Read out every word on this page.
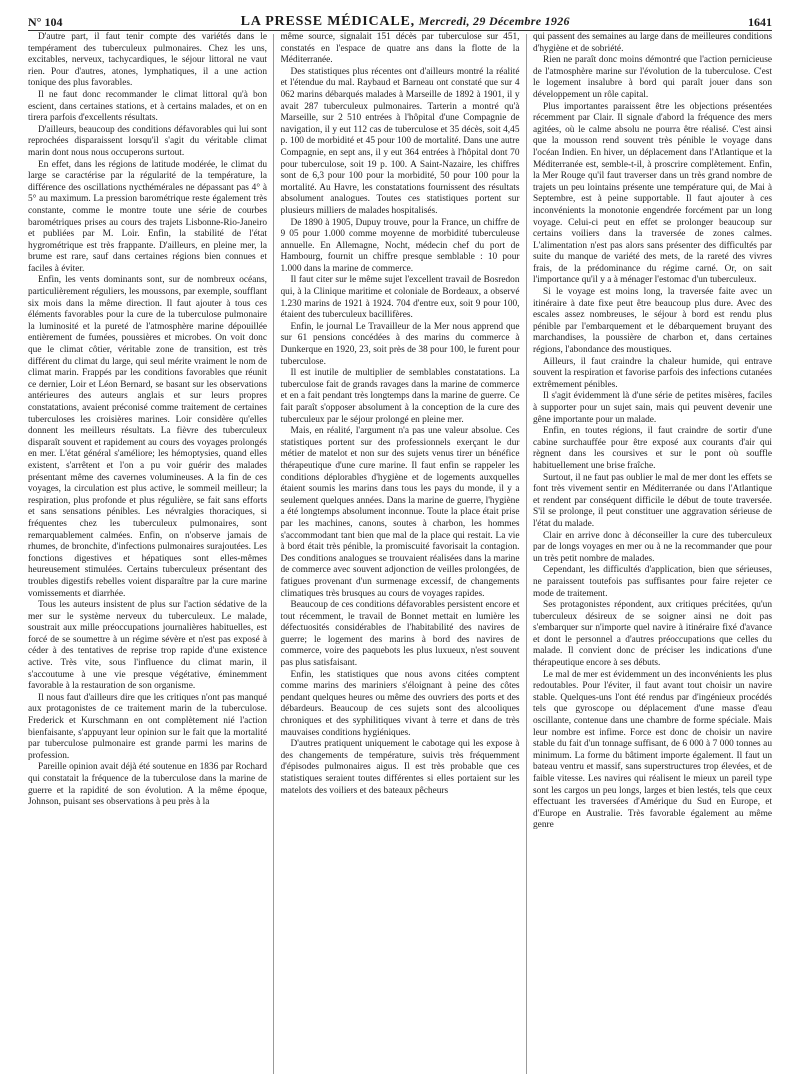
N° 104	LA PRESSE MÉDICALE, Mercredi, 29 Décembre 1926	1641

D'autre part, il faut tenir compte des variétés dans le tempérament des tuberculeux pulmonaires. Chez les uns, excitables, nerveux, tachycardiques, le séjour littoral ne vaut rien. Pour d'autres, atones, lymphatiques, il a une action tonique des plus favorables.

Il ne faut donc recommander le climat littoral qu'à bon escient, dans certaines stations, et à certains malades, et on en tirera parfois d'excellents résultats.

D'ailleurs, beaucoup des conditions défavorables qui lui sont reprochées disparaissent lorsqu'il s'agit du véritable climat marin dont nous nous occuperons surtout.

En effet, dans les régions de latitude modérée, le climat du large se caractérise par la régularité de la température, la différence des oscillations nycthémérales ne dépassant pas 4° à 5° au maximum. La pression barométrique reste également très constante, comme le montre toute une série de courbes barométriques prises au cours des trajets Lisbonne-Rio-Janeiro et publiées par M. Loir. Enfin, la stabilité de l'état hygrométrique est très frappante. D'ailleurs, en pleine mer, la brume est rare, sauf dans certaines régions bien connues et faciles à éviter.

Enfin, les vents dominants sont, sur de nombreux océans, particulièrement réguliers, les moussons, par exemple, soufflant six mois dans la même direction. Il faut ajouter à tous ces éléments favorables pour la cure de la tuberculose pulmonaire la luminosité et la pureté de l'atmosphère marine dépouillée entièrement de fumées, poussières et microbes. On voit donc que le climat côtier, véritable zone de transition, est très différent du climat du large, qui seul mérite vraiment le nom de climat marin. Frappés par les conditions favorables que réunit ce dernier, Loir et Léon Bernard, se basant sur les observations antérieures des auteurs anglais et sur leurs propres constatations, avaient préconisé comme traitement de certaines tuberculoses les croisières marines. Loir considère qu'elles donnent les meilleurs résultats. La fièvre des tuberculeux disparaît souvent et rapidement au cours des voyages prolongés en mer. L'état général s'améliore; les hémoptysies, quand elles existent, s'arrêtent et l'on a pu voir guérir des malades présentant même des cavernes volumineuses. A la fin de ces voyages, la circulation est plus active, le sommeil meilleur; la respiration, plus profonde et plus régulière, se fait sans efforts et sans sensations pénibles. Les névralgies thoraciques, si fréquentes chez les tuberculeux pulmonaires, sont remarquablement calmées. Enfin, on n'observe jamais de rhumes, de bronchite, d'infections pulmonaires surajoutées. Les fonctions digestives et hépatiques sont elles-mêmes heureusement stimulées. Certains tuberculeux présentant des troubles digestifs rebelles voient disparaître par la cure marine vomissements et diarrhée.

Tous les auteurs insistent de plus sur l'action sédative de la mer sur le système nerveux du tuberculeux. Le malade, soustrait aux mille préoccupations journalières habituelles, est forcé de se soumettre à un régime sévère et n'est pas exposé à céder à des tentatives de reprise trop rapide d'une existence active. Très vite, sous l'influence du climat marin, il s'accoutume à une vie presque végétative, éminemment favorable à la restauration de son organisme.

Il nous faut d'ailleurs dire que les critiques n'ont pas manqué aux protagonistes de ce traitement marin de la tuberculose. Frederick et Kurschmann en ont complètement nié l'action bienfaisante, s'appuyant leur opinion sur le fait que la mortalité par tuberculose pulmonaire est grande parmi les marins de profession.

Pareille opinion avait déjà été soutenue en 1836 par Rochard qui constatait la fréquence de la tuberculose dans la marine de guerre et la rapidité de son évolution. A la même époque, Johnson, puisant ses observations à peu près à la

même source, signalait 151 décès par tuberculose sur 451, constatés en l'espace de quatre ans dans la flotte de la Méditerranée.

Des statistiques plus récentes ont d'ailleurs montré la réalité et l'étendue du mal. Raybaud et Barneau ont constaté que sur 4 062 marins débarqués malades à Marseille de 1892 à 1901, il y avait 287 tuberculeux pulmonaires. Tarterin a montré qu'à Marseille, sur 2 510 entrées à l'hôpital d'une Compagnie de navigation, il y eut 112 cas de tuberculose et 35 décès, soit 4,45 p. 100 de morbidité et 45 pour 100 de mortalité. Dans une autre Compagnie, en sept ans, il y eut 364 entrées à l'hôpital dont 70 pour tuberculose, soit 19 p. 100. A Saint-Nazaire, les chiffres sont de 6,3 pour 100 pour la morbidité, 50 pour 100 pour la mortalité. Au Havre, les constatations fournissent des résultats absolument analogues. Toutes ces statistiques portent sur plusieurs milliers de malades hospitalisés.

De 1890 à 1905, Dupuy trouve, pour la France, un chiffre de 9 05 pour 1.000 comme moyenne de morbidité tuberculeuse annuelle. En Allemagne, Nocht, médecin chef du port de Hambourg, fournit un chiffre presque semblable : 10 pour 1.000 dans la marine de commerce.

Il faut citer sur le même sujet l'excellent travail de Bosredon qui, à la Clinique maritime et coloniale de Bordeaux, a observé 1.230 marins de 1921 à 1924. 704 d'entre eux, soit 9 pour 100, étaient des tuberculeux bacillifères.

Enfin, le journal Le Travailleur de la Mer nous apprend que sur 61 pensions concédées à des marins du commerce à Dunkerque en 1920, 23, soit près de 38 pour 100, le furent pour tuberculose.

Il est inutile de multiplier de semblables constatations. La tuberculose fait de grands ravages dans la marine de commerce et en a fait pendant très longtemps dans la marine de guerre. Ce fait paraît s'opposer absolument à la conception de la cure des tuberculeux par le séjour prolongé en pleine mer.

Mais, en réalité, l'argument n'a pas une valeur absolue. Ces statistiques portent sur des professionnels exerçant le dur métier de matelot et non sur des sujets venus tirer un bénéfice thérapeutique d'une cure marine. Il faut enfin se rappeler les conditions déplorables d'hygiène et de logements auxquelles étaient soumis les marins dans tous les pays du monde, il y a seulement quelques années. Dans la marine de guerre, l'hygiène a été longtemps absolument inconnue. Toute la place était prise par les machines, canons, soutes à charbon, les hommes s'accommodant tant bien que mal de la place qui restait. La vie à bord était très pénible, la promiscuité favorisait la contagion. Des conditions analogues se trouvaient réalisées dans la marine de commerce avec souvent adjonction de veilles prolongées, de fatigues provenant d'un surmenage excessif, de changements climatiques très brusques au cours de voyages rapides.

Beaucoup de ces conditions défavorables persistent encore et tout récemment, le travail de Bonnet mettait en lumière les défectuosités considérables de l'habitabilité des navires de guerre; le logement des marins à bord des navires de commerce, voire des paquebots les plus luxueux, n'est souvent pas plus satisfaisant.

Enfin, les statistiques que nous avons citées comptent comme marins des mariniers s'éloignant à peine des côtes pendant quelques heures ou même des ouvriers des ports et des débardeurs. Beaucoup de ces sujets sont des alcooliques chroniques et des syphilitiques vivant à terre et dans de très mauvaises conditions hygiéniques.

D'autres pratiquent uniquement le cabotage qui les expose à des changements de température, suivis très fréquemment d'épisodes pulmonaires aigus. Il est très probable que ces statistiques seraient toutes différentes si elles portaient sur les matelots des voiliers et des bateaux pêcheurs

qui passent des semaines au large dans de meilleures conditions d'hygiène et de sobriété.

Rien ne paraît donc moins démontré que l'action pernicieuse de l'atmosphère marine sur l'évolution de la tuberculose. C'est le logement insalubre à bord qui paraît jouer dans son développement un rôle capital.

Plus importantes paraissent être les objections présentées récemment par Clair. Il signale d'abord la fréquence des mers agitées, où le calme absolu ne pourra être réalisé. C'est ainsi que la mousson rend souvent très pénible le voyage dans l'océan Indien. En hiver, un déplacement dans l'Atlantique et la Méditerranée est, semble-t-il, à proscrire complètement. Enfin, la Mer Rouge qu'il faut traverser dans un très grand nombre de trajets un peu lointains présente une température qui, de Mai à Septembre, est à peine supportable. Il faut ajouter à ces inconvénients la monotonie engendrée forcément par un long voyage. Celui-ci peut en effet se prolonger beaucoup sur certains voiliers dans la traversée de zones calmes. L'alimentation n'est pas alors sans présenter des difficultés par suite du manque de variété des mets, de la rareté des vivres frais, de la prédominance du régime carné. Or, on sait l'importance qu'il y a à ménager l'estomac d'un tuberculeux.

Si le voyage est moins long, la traversée faite avec un itinéraire à date fixe peut être beaucoup plus dure. Avec des escales assez nombreuses, le séjour à bord est rendu plus pénible par l'embarquement et le débarquement bruyant des marchandises, la poussière de charbon et, dans certaines régions, l'abondance des moustiques.

Ailleurs, il faut craindre la chaleur humide, qui entrave souvent la respiration et favorise parfois des infections cutanées extrêmement pénibles.

Il s'agit évidemment là d'une série de petites misères, faciles à supporter pour un sujet sain, mais qui peuvent devenir une gêne importante pour un malade.

Enfin, en toutes régions, il faut craindre de sortir d'une cabine surchauffée pour être exposé aux courants d'air qui règnent dans les coursives et sur le pont où souffle habituellement une brise fraîche.

Surtout, il ne faut pas oublier le mal de mer dont les effets se font très vivement sentir en Méditerranée ou dans l'Atlantique et rendent par conséquent difficile le début de toute traversée. S'il se prolonge, il peut constituer une aggravation sérieuse de l'état du malade.

Clair en arrive donc à déconseiller la cure des tuberculeux par de longs voyages en mer ou à ne la recommander que pour un très petit nombre de malades.

Cependant, les difficultés d'application, bien que sérieuses, ne paraissent toutefois pas suffisantes pour faire rejeter ce mode de traitement.

Ses protagonistes répondent, aux critiques précitées, qu'un tuberculeux désireux de se soigner ainsi ne doit pas s'embarquer sur n'importe quel navire à itinéraire fixé d'avance et dont le personnel a d'autres préoccupations que celles du malade. Il convient donc de préciser les indications d'une thérapeutique encore à ses débuts.

Le mal de mer est évidemment un des inconvénients les plus redoutables. Pour l'éviter, il faut avant tout choisir un navire stable. Quelques-uns l'ont été rendus par d'ingénieux procédés tels que gyroscope ou déplacement d'une masse d'eau oscillante, contenue dans une chambre de forme spéciale. Mais leur nombre est infime. Force est donc de choisir un navire stable du fait d'un tonnage suffisant, de 6 000 à 7 000 tonnes au minimum. La forme du bâtiment importe également. Il faut un bateau ventru et massif, sans superstructures trop élevées, et de faible vitesse. Les navires qui réalisent le mieux un pareil type sont les cargos un peu longs, larges et bien lestés, tels que ceux effectuant les traversées d'Amérique du Sud en Europe, et d'Europe en Australie. Très favorable également au même genre
